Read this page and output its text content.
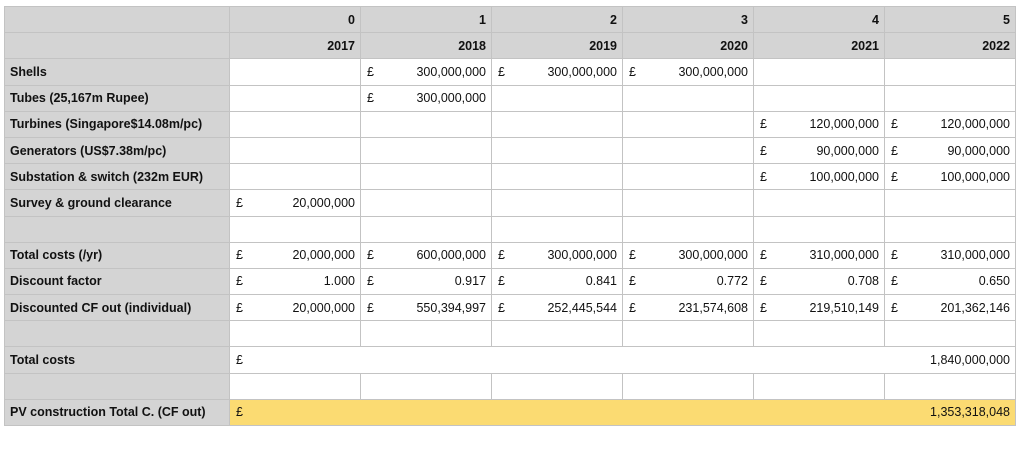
	0	1	2	3	4	5
	2017	2018	2019	2020	2021	2022
Shells		£ 300,000,000	£ 300,000,000	£ 300,000,000		

Tubes (25,167m Rupee)		£ 300,000,000				

Turbines (Singapore$14.08m/pc)					£ 120,000,000	£ 120,000,000

Generators (US$7.38m/pc)					£ 90,000,000	£ 90,000,000

Substation & switch (232m EUR)					£ 100,000,000	£ 100,000,000

Survey & ground clearance	£ 20,000,000					

Total costs (/yr)	£ 20,000,000	£ 600,000,000	£ 300,000,000	£ 300,000,000	£ 310,000,000	£ 310,000,000

Discount factor	£ 1.000	£ 0.917	£ 0.841	£ 0.772	£ 0.708	£ 0.650

Discounted CF out (individual)	£ 20,000,000	£ 550,394,997	£ 252,445,544	£ 231,574,608	£ 219,510,149	£ 201,362,146

Total costs	£ 1,840,000,000					

PV construction Total C. (CF out)	£ 1,353,318,048					
